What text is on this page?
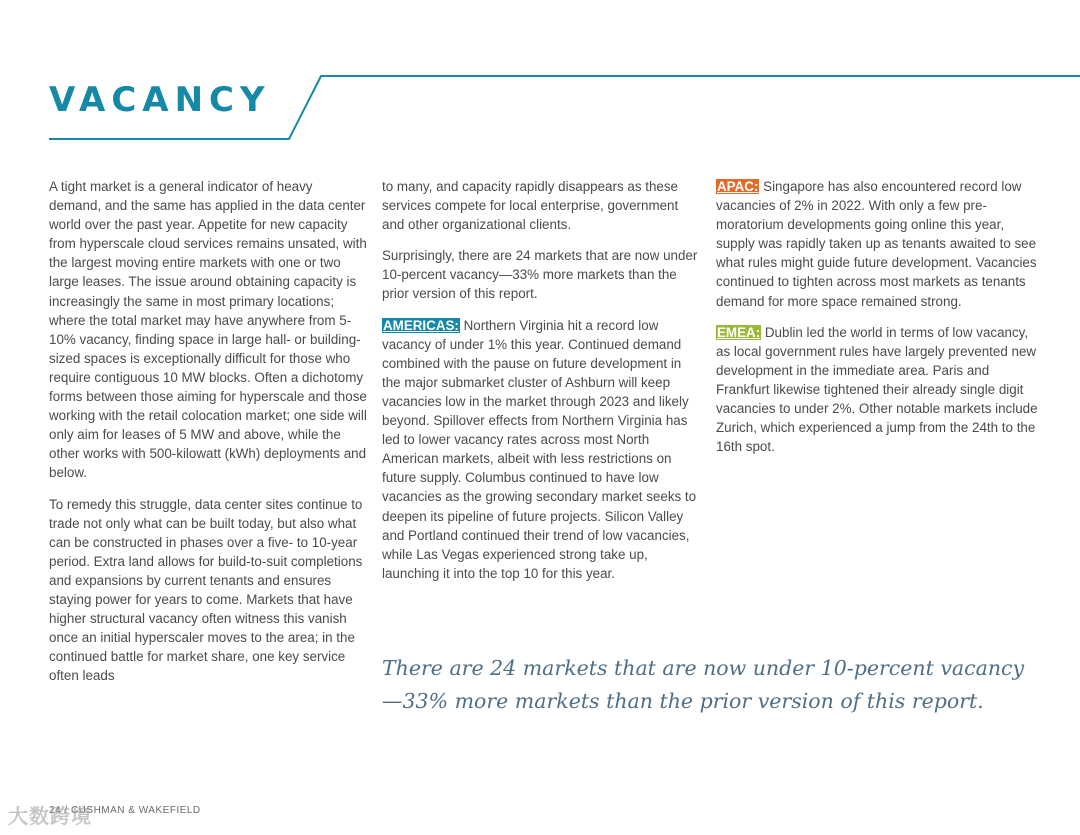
VACANCY

A tight market is a general indicator of heavy demand, and the same has applied in the data center world over the past year. Appetite for new capacity from hyperscale cloud services remains unsated, with the largest moving entire markets with one or two large leases. The issue around obtaining capacity is increasingly the same in most primary locations; where the total market may have anywhere from 5-10% vacancy, finding space in large hall- or building-sized spaces is exceptionally difficult for those who require contiguous 10 MW blocks. Often a dichotomy forms between those aiming for hyperscale and those working with the retail colocation market; one side will only aim for leases of 5 MW and above, while the other works with 500-kilowatt (kWh) deployments and below.

To remedy this struggle, data center sites continue to trade not only what can be built today, but also what can be constructed in phases over a five- to 10-year period. Extra land allows for build-to-suit completions and expansions by current tenants and ensures staying power for years to come. Markets that have higher structural vacancy often witness this vanish once an initial hyperscaler moves to the area; in the continued battle for market share, one key service often leads

to many, and capacity rapidly disappears as these services compete for local enterprise, government and other organizational clients.

Surprisingly, there are 24 markets that are now under 10-percent vacancy—33% more markets than the prior version of this report.

AMERICAS: Northern Virginia hit a record low vacancy of under 1% this year. Continued demand combined with the pause on future development in the major submarket cluster of Ashburn will keep vacancies low in the market through 2023 and likely beyond. Spillover effects from Northern Virginia has led to lower vacancy rates across most North American markets, albeit with less restrictions on future supply. Columbus continued to have low vacancies as the growing secondary market seeks to deepen its pipeline of future projects. Silicon Valley and Portland continued their trend of low vacancies, while Las Vegas experienced strong take up, launching it into the top 10 for this year.

APAC: Singapore has also encountered record low vacancies of 2% in 2022. With only a few pre-moratorium developments going online this year, supply was rapidly taken up as tenants awaited to see what rules might guide future development. Vacancies continued to tighten across most markets as tenants demand for more space remained strong.

EMEA: Dublin led the world in terms of low vacancy, as local government rules have largely prevented new development in the immediate area. Paris and Frankfurt likewise tightened their already single digit vacancies to under 2%. Other notable markets include Zurich, which experienced a jump from the 24th to the 16th spot.

There are 24 markets that are now under 10-percent vacancy—33% more markets than the prior version of this report.

24 / CUSHMAN & WAKEFIELD
大数跨境
